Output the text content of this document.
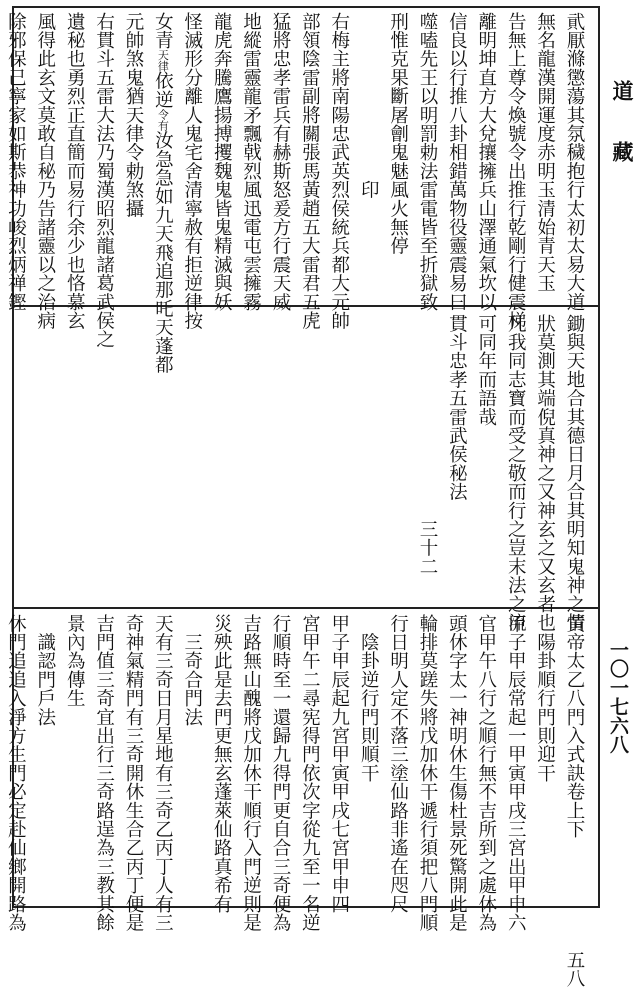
道藏
一〇一七六八
貮厭滌懲蕩其氛穢抱行太初太易大道
無名龍漢開運度赤明玉清始青天玉
告無上尊令煥號令出推行乾剛行健震梯
離明坤直方大兌攘擁兵山澤通氣坎以
信良以行推八卦相錯萬物役靈震易曰
噬嗑先王以明罰勅法雷電皆至折獄致
刑惟克果斷屠劊鬼魅風火無停
　　　　　　　　　印
右梅主將南陽忠武英烈侯統兵都大元帥
部領陰雷副將關張馬黃趙五大雷君五虎
猛將忠孝雷兵有赫斯怒爰方行震天威
地縱雷靈龍矛飄戟烈風迅電屯雲擁霧
龍虎奔騰鷹揚搏攫魏鬼皆鬼精滅與妖
怪滅形分離人鬼宅舍清寧赦有拒逆律按
女青天律依逆令有汝急急如九天飛追那吒天蓬都
元帥煞鬼猶天律令勅煞攝
右貫斗五雷大法乃蜀漢昭烈龍諸葛武侯之
遺秘也勇烈正直簡而易行余少也恪慕玄
風得此玄文莫敢自秘乃告諸靈以之治病
除邪保己寧家如斯恭神功峻烈炳禅鏗
鋤與天地合其德日月合其明知鬼神之情
狀莫測其端倪真神之又神玄之又玄者也
凡我同志寶而受之敬而行之豈末法之流
可同年而語哉
貫斗忠孝五雷武侯秘法
　　　　　　　　　　　三十二
黄帝太乙八門入式訣卷上下　　　　　　五八
　陽卦順行門則迎干
甲子甲辰常起一甲寅甲戌三宮出甲申六
官甲午八行之順行無不吉所到之處休為
頭休字太一神明休生傷杜景死驚開此是
輪排莫蹉失將戊加休干遞行須把八門順
行日明人定不落三塗仙路非遙在咫尺
　陰卦逆行門則順干
甲子甲辰起九宮甲寅甲戌七宮甲申四
宮甲午二尋宪得門依次字從九至一名逆
行順時至一還歸九得門更自合三奇便為
吉路無山醜將戊加休干順行入門逆則是
災殃此是去門更無玄蓬萊仙路真希有
　三奇合門法
天有三奇日月星地有三奇乙丙丁人有三
奇神氣精門有三奇開休生合乙丙丁便是
吉門值三奇宜出行三奇路逞為三教其餘
景內為傳生
　識認門戶法
休門追追入淨方生門必定赴仙鄉開路為
